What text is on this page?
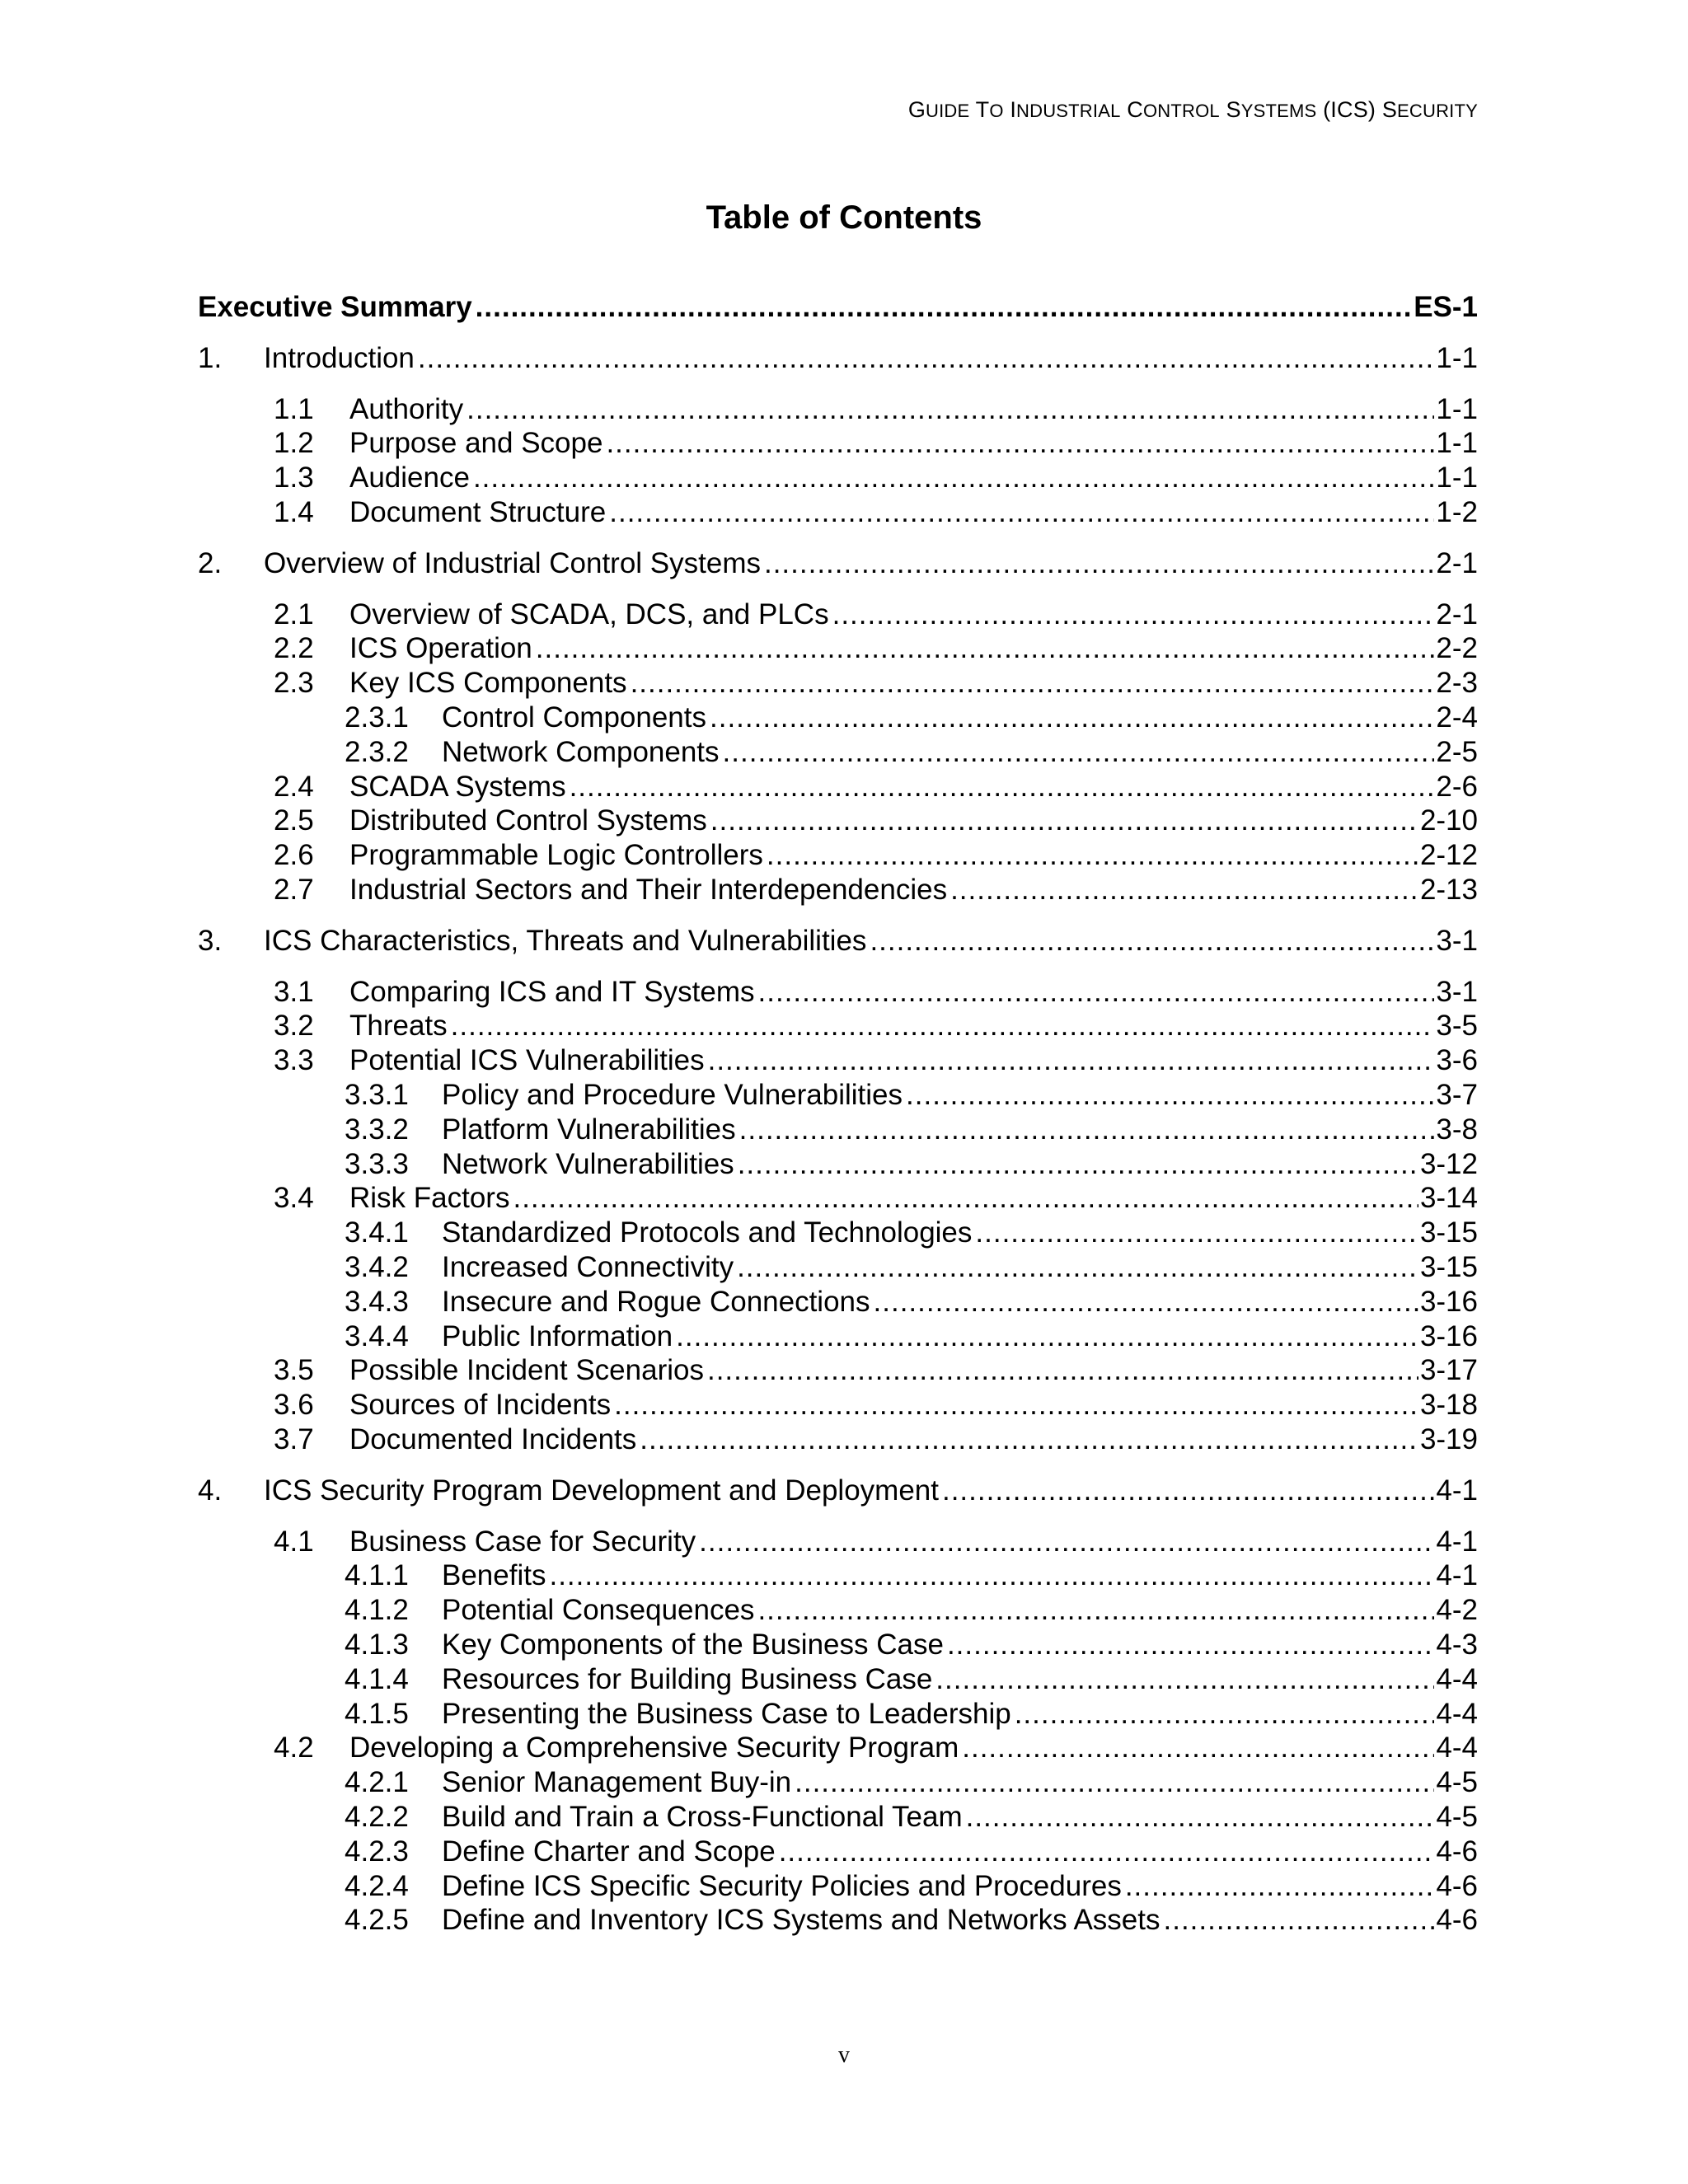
GUIDE TO INDUSTRIAL CONTROL SYSTEMS (ICS) SECURITY
Table of Contents
Executive Summary .....	ES-1
1.	Introduction .....	1-1
1.1	Authority .....	1-1
1.2	Purpose and Scope .....	1-1
1.3	Audience .....	1-1
1.4	Document Structure .....	1-2
2.	Overview of Industrial Control Systems .....	2-1
2.1	Overview of SCADA, DCS, and PLCs .....	2-1
2.2	ICS Operation .....	2-2
2.3	Key ICS Components .....	2-3
2.3.1	Control Components .....	2-4
2.3.2	Network Components .....	2-5
2.4	SCADA Systems .....	2-6
2.5	Distributed Control Systems .....	2-10
2.6	Programmable Logic Controllers .....	2-12
2.7	Industrial Sectors and Their Interdependencies .....	2-13
3.	ICS Characteristics, Threats and Vulnerabilities .....	3-1
3.1	Comparing ICS and IT Systems .....	3-1
3.2	Threats .....	3-5
3.3	Potential ICS Vulnerabilities .....	3-6
3.3.1	Policy and Procedure Vulnerabilities .....	3-7
3.3.2	Platform Vulnerabilities .....	3-8
3.3.3	Network Vulnerabilities .....	3-12
3.4	Risk Factors .....	3-14
3.4.1	Standardized Protocols and Technologies .....	3-15
3.4.2	Increased Connectivity .....	3-15
3.4.3	Insecure and Rogue Connections .....	3-16
3.4.4	Public Information .....	3-16
3.5	Possible Incident Scenarios .....	3-17
3.6	Sources of Incidents .....	3-18
3.7	Documented Incidents .....	3-19
4.	ICS Security Program Development and Deployment .....	4-1
4.1	Business Case for Security .....	4-1
4.1.1	Benefits .....	4-1
4.1.2	Potential Consequences .....	4-2
4.1.3	Key Components of the Business Case .....	4-3
4.1.4	Resources for Building Business Case .....	4-4
4.1.5	Presenting the Business Case to Leadership .....	4-4
4.2	Developing a Comprehensive Security Program .....	4-4
4.2.1	Senior Management Buy-in .....	4-5
4.2.2	Build and Train a Cross-Functional Team .....	4-5
4.2.3	Define Charter and Scope .....	4-6
4.2.4	Define ICS Specific Security Policies and Procedures .....	4-6
4.2.5	Define and Inventory ICS Systems and Networks Assets .....	4-6
v
